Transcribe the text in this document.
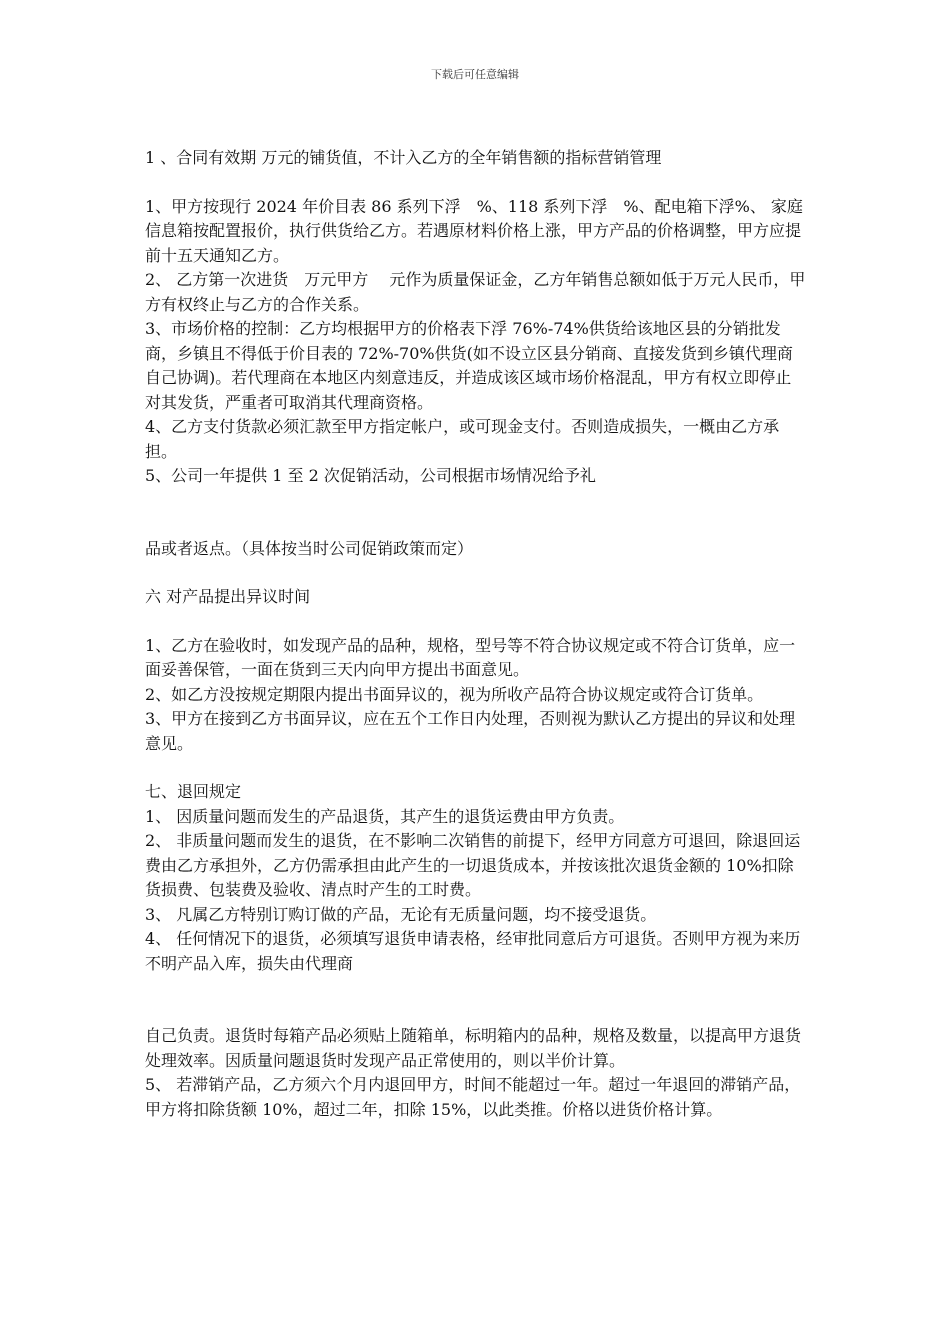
下载后可任意编辑

1 、合同有效期 万元的铺货值，不计入乙方的全年销售额的指标营销管理

1、甲方按现行 2024 年价目表 86 系列下浮　%、118 系列下浮　%、配电箱下浮%、 家庭信息箱按配置报价，执行供货给乙方。若遇原材料价格上涨，甲方产品的价格调整，甲方应提前十五天通知乙方。

2、 乙方第一次进货　万元甲方　 元作为质量保证金，乙方年销售总额如低于万元人民币，甲方有权终止与乙方的合作关系。

3、市场价格的控制：乙方均根据甲方的价格表下浮 76%-74%供货给该地区县的分销批发商，乡镇且不得低于价目表的 72%-70%供货(如不设立区县分销商、直接发货到乡镇代理商自己协调)。若代理商在本地区内刻意违反，并造成该区域市场价格混乱，甲方有权立即停止对其发货，严重者可取消其代理商资格。

4、乙方支付货款必须汇款至甲方指定帐户，或可现金支付。否则造成损失，一概由乙方承担。

5、公司一年提供 1 至 2 次促销活动，公司根据市场情况给予礼

品或者返点。（具体按当时公司促销政策而定）

六 对产品提出异议时间

1、乙方在验收时，如发现产品的品种，规格，型号等不符合协议规定或不符合订货单，应一面妥善保管，一面在货到三天内向甲方提出书面意见。

2、如乙方没按规定期限内提出书面异议的，视为所收产品符合协议规定或符合订货单。

3、甲方在接到乙方书面异议，应在五个工作日内处理，否则视为默认乙方提出的异议和处理意见。

七、退回规定

1、 因质量问题而发生的产品退货，其产生的退货运费由甲方负责。

2、 非质量问题而发生的退货，在不影响二次销售的前提下，经甲方同意方可退回，除退回运费由乙方承担外，乙方仍需承担由此产生的一切退货成本，并按该批次退货金额的 10%扣除货损费、包装费及验收、清点时产生的工时费。

3、 凡属乙方特别订购订做的产品，无论有无质量问题，均不接受退货。

4、 任何情况下的退货，必须填写退货申请表格，经审批同意后方可退货。否则甲方视为来历不明产品入库，损失由代理商

自己负责。退货时每箱产品必须贴上随箱单，标明箱内的品种，规格及数量，以提高甲方退货处理效率。因质量问题退货时发现产品正常使用的，则以半价计算。

5、 若滞销产品，乙方须六个月内退回甲方，时间不能超过一年。超过一年退回的滞销产品，甲方将扣除货额 10%，超过二年，扣除 15%，以此类推。价格以进货价格计算。
